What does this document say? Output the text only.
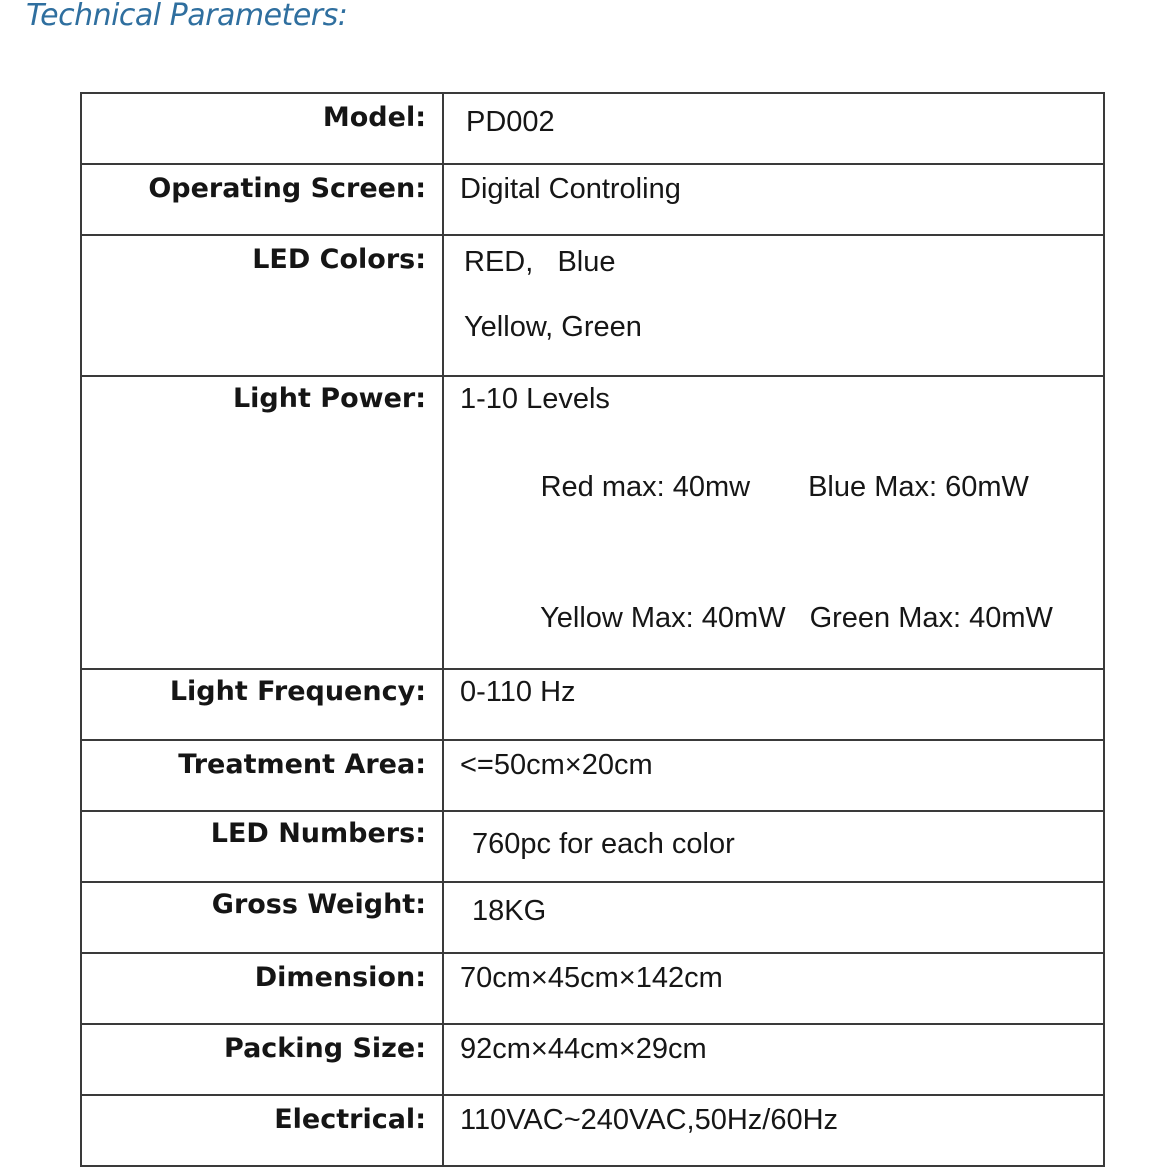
Technical Parameters:
Model:	PD002

Operating Screen:	Digital Controling

LED Colors:	RED,   Blue
Yellow, Green

Light Power:	1-10 Levels

Red max: 40mw Blue Max: 60mW

Yellow Max: 40mW Green Max: 40mW

Light Frequency:	0-110 Hz

Treatment Area:	<=50cm×20cm

LED Numbers:	760pc for each color

Gross Weight:	18KG

Dimension:	70cm×45cm×142cm

Packing Size:	92cm×44cm×29cm

Electrical:	110VAC~240VAC,50Hz/60Hz
